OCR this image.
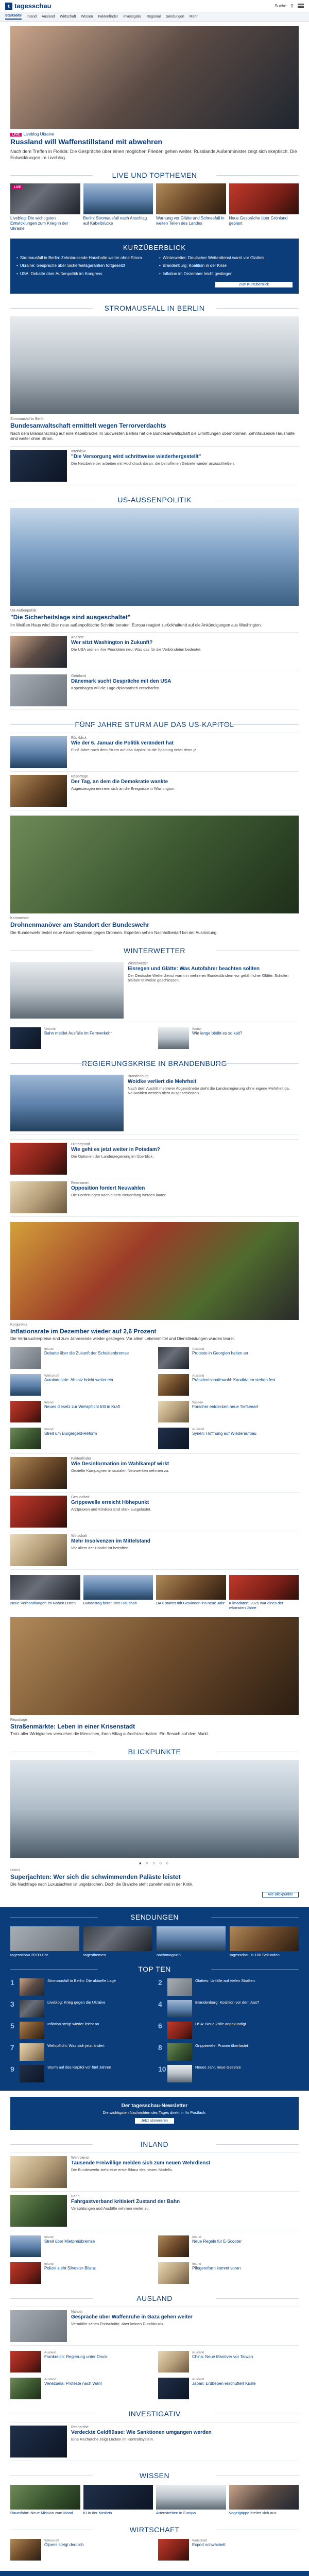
t tagesschau	Suche ⚲
Startseite Inland Ausland Wirtschaft Wissen Faktenfinder Investigativ Regional Sendungen Mehr
LIVE Liveblog Ukraine
Russland will Waffenstillstand mit abwehren
Nach dem Treffen in Florida: Die Gespräche über einen möglichen Frieden gehen weiter. Russlands Außenminister zeigt sich skeptisch. Die Entwicklungen im Liveblog.
LIVE UND TOPTHEMEN
LIVE
Liveblog: Die wichtigsten Entwicklungen zum Krieg in der Ukraine
Berlin: Stromausfall nach Anschlag auf Kabelbrücke
Warnung vor Glätte und Schneefall in weiten Teilen des Landes
Neue Gespräche über Grönland geplant
KURZÜBERBLICK
• Stromausfall in Berlin: Zehntausende Haushalte weiter ohne Strom	• Winterwetter: Deutscher Wetterdienst warnt vor Glatteis
• Ukraine: Gespräche über Sicherheitsgarantien fortgesetzt	• Brandenburg: Koalition in der Krise
• USA: Debatte über Außenpolitik im Kongress	• Inflation im Dezember leicht gestiegen
Zum Kurzüberblick
STROMAUSFALL IN BERLIN
Stromausfall in Berlin
Bundesanwaltschaft ermittelt wegen Terrorverdachts
Nach dem Brandanschlag auf eine Kabelbrücke im Südwesten Berlins hat die Bundesanwaltschaft die Ermittlungen übernommen. Zehntausende Haushalte sind weiter ohne Strom.
Interview
"Die Versorgung wird schrittweise wiederhergestellt"
Die Netzbetreiber arbeiten mit Hochdruck daran, die betroffenen Gebiete wieder anzuschließen.
US-AUSSENPOLITIK
US-Außenpolitik
"Die Sicherheitslage sind ausgeschaltet"
Im Weißen Haus wird über neue außenpolitische Schritte beraten. Europa reagiert zurückhaltend auf die Ankündigungen aus Washington.
Analyse
Wer sitzt Washington in Zukunft?
Die USA ordnen ihre Prioritäten neu. Was das für die Verbündeten bedeutet.
Grönland
Dänemark sucht Gespräche mit den USA
Kopenhagen will die Lage diplomatisch entschärfen.
FÜNF JAHRE STURM AUF DAS US-KAPITOL
Rückblick
Wie der 6. Januar die Politik verändert hat
Fünf Jahre nach dem Sturm auf das Kapitol ist die Spaltung tiefer denn je.
Reportage
Der Tag, an dem die Demokratie wankte
Augenzeugen erinnern sich an die Ereignisse in Washington.
Kommentar
Drohnenmanöver am Standort der Bundeswehr
Die Bundeswehr testet neue Abwehrsysteme gegen Drohnen. Experten sehen Nachholbedarf bei der Ausrüstung.
WINTERWETTER
Winterwetter
Eisregen und Glätte: Was Autofahrer beachten sollten
Der Deutsche Wetterdienst warnt in mehreren Bundesländern vor gefährlicher Glätte. Schulen bleiben teilweise geschlossen.
Verkehr
Bahn meldet Ausfälle im Fernverkehr
Wetter
Wie lange bleibt es so kalt?
REGIERUNGSKRISE IN BRANDENBURG
Brandenburg
Woidke verliert die Mehrheit
Nach dem Austritt mehrerer Abgeordneter steht die Landesregierung ohne eigene Mehrheit da. Neuwahlen werden nicht ausgeschlossen.
Hintergrund
Wie geht es jetzt weiter in Potsdam?
Die Optionen der Landesregierung im Überblick.
Reaktionen
Opposition fordert Neuwahlen
Die Forderungen nach einem Neuanfang werden lauter.
Konjunktur
Inflationsrate im Dezember wieder auf 2,6 Prozent
Die Verbraucherpreise sind zum Jahresende wieder gestiegen. Vor allem Lebensmittel und Dienstleistungen wurden teurer.
Inland
Debatte über die Zukunft der Schuldenbremse
Ausland
Proteste in Georgien halten an
Wirtschaft
Autoindustrie: Absatz bricht weiter ein
Ausland
Präsidentschaftswahl: Kandidaten stehen fest
Inland
Neues Gesetz zur Wehrpflicht tritt in Kraft
Wissen
Forscher entdecken neue Tiefseeart
Inland
Streit um Bürgergeld-Reform
Ausland
Syrien: Hoffnung auf Wiederaufbau
Faktenfinder
Wie Desinformation im Wahlkampf wirkt
Gezielte Kampagnen in sozialen Netzwerken nehmen zu.
Gesundheit
Grippewelle erreicht Höhepunkt
Arztpraxen und Kliniken sind stark ausgelastet.
Wirtschaft
Mehr Insolvenzen im Mittelstand
Vor allem der Handel ist betroffen.
Neue Verhandlungen im Nahen Osten	Bundestag berät über Haushalt	DAX startet mit Gewinnen ins neue Jahr Klimadaten: 2025 war eines der wärmsten Jahre
Reportage
Straßenmärkte: Leben in einer Krisenstadt
Trotz aller Widrigkeiten versuchen die Menschen, ihren Alltag aufrechtzuerhalten. Ein Besuch auf dem Markt.
BLICKPUNKTE
● ○ ○ ○ ○
Luxus
Superjachten: Wer sich die schwimmenden Paläste leistet
Die Nachfrage nach Luxusjachten ist ungebrochen. Doch die Branche steht zunehmend in der Kritik.
Alle Blickpunkte
SENDUNGEN
tagesschau 20:00 Uhr	tagesthemen	nachtmagazin	tagesschau in 100 Sekunden
TOP TEN
1	Stromausfall in Berlin: Die aktuelle Lage	2	Glatteis: Unfälle auf vielen Straßen
3	Liveblog: Krieg gegen die Ukraine	4	Brandenburg: Koalition vor dem Aus?
5	Inflation steigt wieder leicht an	6	USA: Neue Zölle angekündigt
7	Wehrpflicht: Was sich jetzt ändert	8	Grippewelle: Praxen überlastet
9	Sturm auf das Kapitol vor fünf Jahren	10	Neues Jahr, neue Gesetze
Der tagesschau-Newsletter
Die wichtigsten Nachrichten des Tages direkt in Ihr Postfach.
Jetzt abonnieren
INLAND
Wehrdienst
Tausende Freiwillige melden sich zum neuen Wehrdienst
Die Bundeswehr zieht eine erste Bilanz des neuen Modells.
Bahn
Fahrgastverband kritisiert Zustand der Bahn
Verspätungen und Ausfälle nehmen weiter zu.
Inland
Streit über Mietpreisbremse
Inland
Neue Regeln für E-Scooter
Inland
Polizei zieht Silvester-Bilanz
Inland
Pflegereform kommt voran
AUSLAND
Nahost
Gespräche über Waffenruhe in Gaza gehen weiter
Vermittler sehen Fortschritte, aber keinen Durchbruch.
Ausland
Frankreich: Regierung unter Druck
Ausland
China: Neue Manöver vor Taiwan
Ausland
Venezuela: Proteste nach Wahl
Ausland
Japan: Erdbeben erschüttert Küste
INVESTIGATIV
Recherche
Verdeckte Geldflüsse: Wie Sanktionen umgangen werden
Eine Recherche zeigt Lücken im Kontrollsystem.
WISSEN
Raumfahrt: Neue Mission zum Mond	KI in der Medizin	Artensterben in Europa	Vogelgrippe breitet sich aus
WIRTSCHAFT
Wirtschaft
Ölpreis steigt deutlich
Wirtschaft
Export schwächelt
